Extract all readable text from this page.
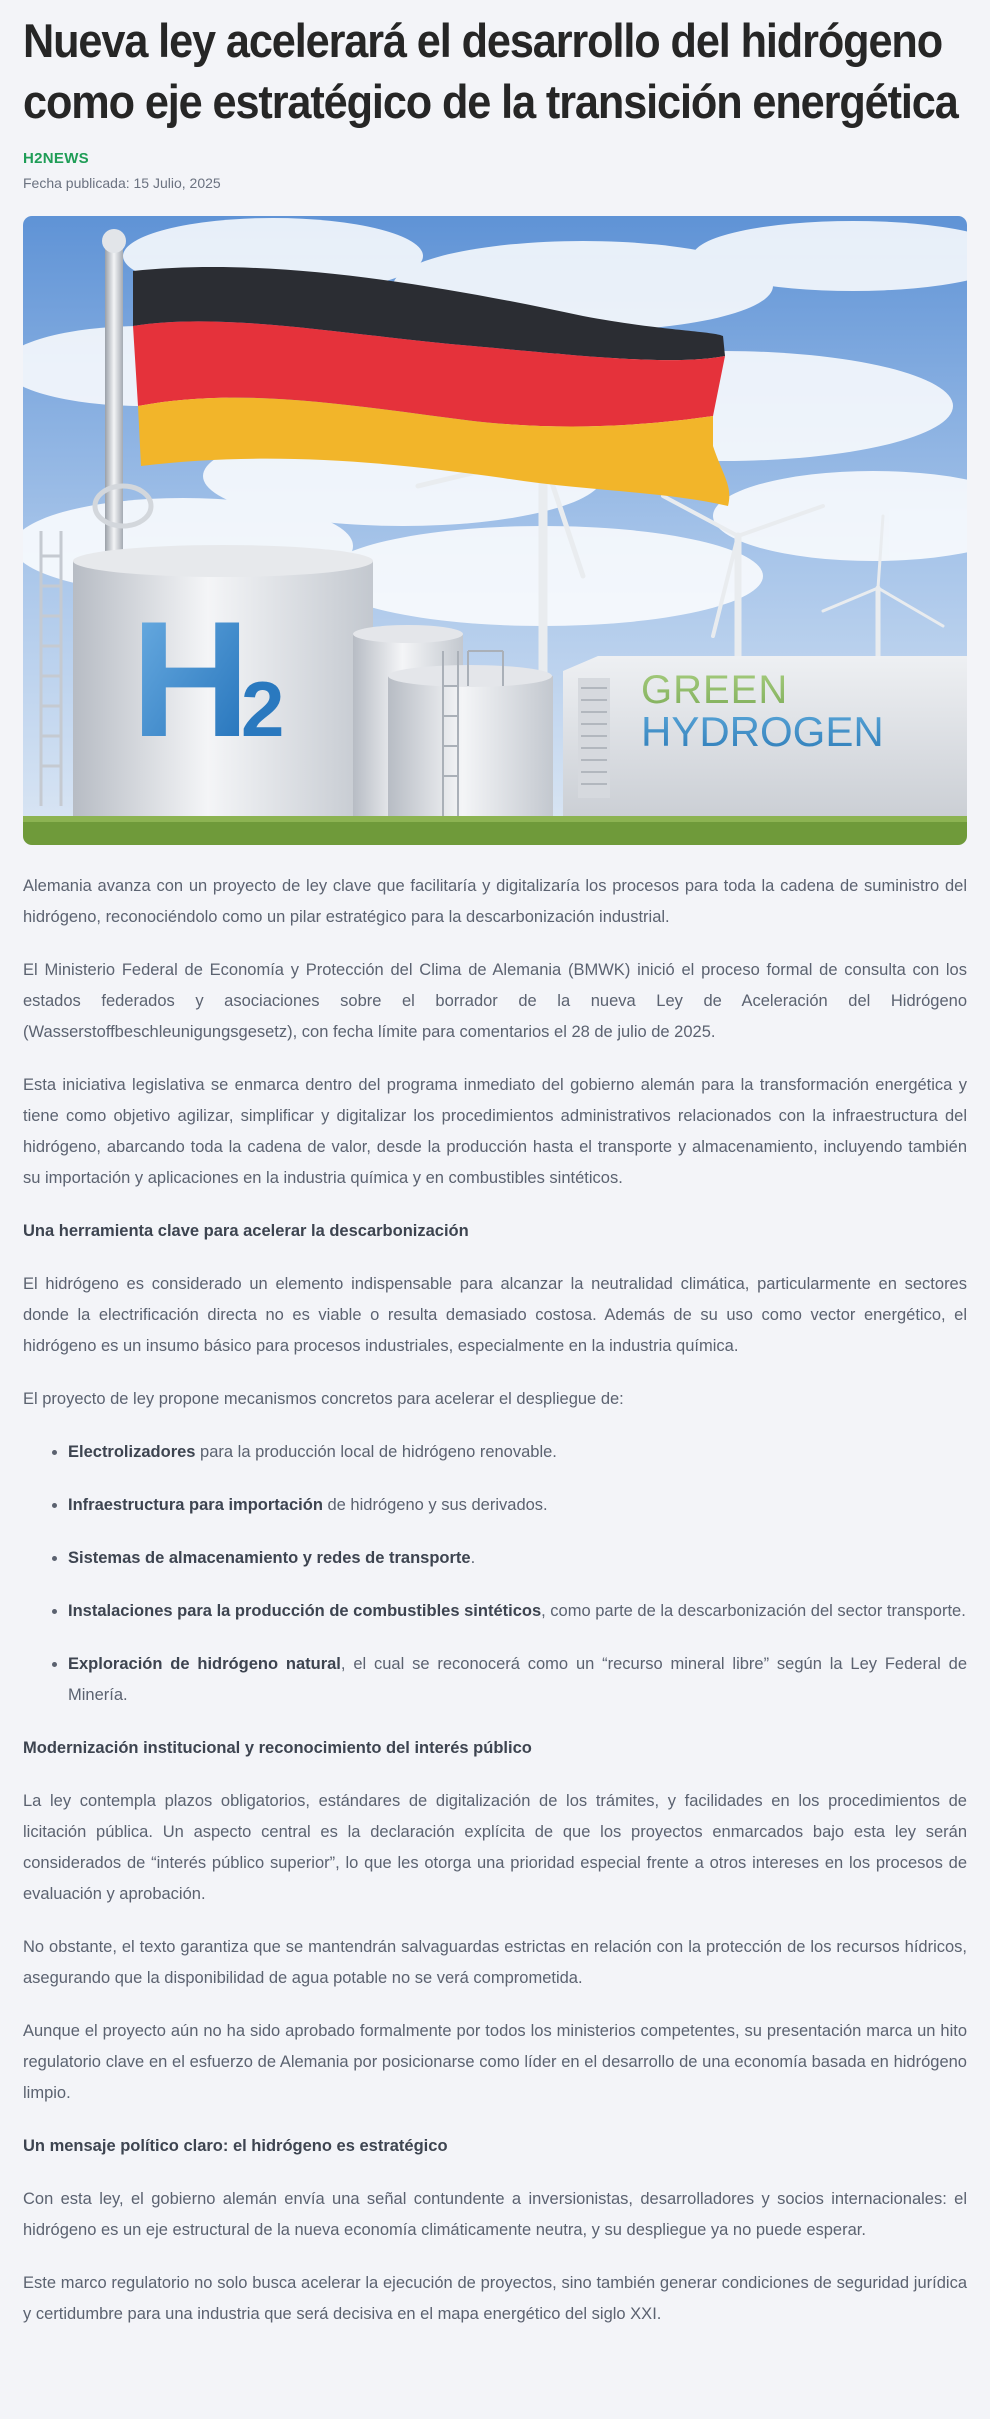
Nueva ley acelerará el desarrollo del hidrógeno como eje estratégico de la transición energética
H2NEWS
Fecha publicada: 15 Julio, 2025
H
2	GREEN
HYDROGEN

Alemania avanza con un proyecto de ley clave que facilitaría y digitalizaría los procesos para toda la cadena de suministro del hidrógeno, reconociéndolo como un pilar estratégico para la descarbonización industrial.

El Ministerio Federal de Economía y Protección del Clima de Alemania (BMWK) inició el proceso formal de consulta con los estados federados y asociaciones sobre el borrador de la nueva Ley de Aceleración del Hidrógeno (Wasserstoffbeschleunigungsgesetz), con fecha límite para comentarios el 28 de julio de 2025.

Esta iniciativa legislativa se enmarca dentro del programa inmediato del gobierno alemán para la transformación energética y tiene como objetivo agilizar, simplificar y digitalizar los procedimientos administrativos relacionados con la infraestructura del hidrógeno, abarcando toda la cadena de valor, desde la producción hasta el transporte y almacenamiento, incluyendo también su importación y aplicaciones en la industria química y en combustibles sintéticos.

Una herramienta clave para acelerar la descarbonización

El hidrógeno es considerado un elemento indispensable para alcanzar la neutralidad climática, particularmente en sectores donde la electrificación directa no es viable o resulta demasiado costosa. Además de su uso como vector energético, el hidrógeno es un insumo básico para procesos industriales, especialmente en la industria química.

El proyecto de ley propone mecanismos concretos para acelerar el despliegue de:

• Electrolizadores para la producción local de hidrógeno renovable.
• Infraestructura para importación de hidrógeno y sus derivados.
• Sistemas de almacenamiento y redes de transporte.
• Instalaciones para la producción de combustibles sintéticos, como parte de la descarbonización del sector transporte.
• Exploración de hidrógeno natural, el cual se reconocerá como un “recurso mineral libre” según la Ley Federal de Minería.
Modernización institucional y reconocimiento del interés público

La ley contempla plazos obligatorios, estándares de digitalización de los trámites, y facilidades en los procedimientos de licitación pública. Un aspecto central es la declaración explícita de que los proyectos enmarcados bajo esta ley serán considerados de “interés público superior”, lo que les otorga una prioridad especial frente a otros intereses en los procesos de evaluación y aprobación.

No obstante, el texto garantiza que se mantendrán salvaguardas estrictas en relación con la protección de los recursos hídricos, asegurando que la disponibilidad de agua potable no se verá comprometida.

Aunque el proyecto aún no ha sido aprobado formalmente por todos los ministerios competentes, su presentación marca un hito regulatorio clave en el esfuerzo de Alemania por posicionarse como líder en el desarrollo de una economía basada en hidrógeno limpio.

Un mensaje político claro: el hidrógeno es estratégico

Con esta ley, el gobierno alemán envía una señal contundente a inversionistas, desarrolladores y socios internacionales: el hidrógeno es un eje estructural de la nueva economía climáticamente neutra, y su despliegue ya no puede esperar.

Este marco regulatorio no solo busca acelerar la ejecución de proyectos, sino también generar condiciones de seguridad jurídica y certidumbre para una industria que será decisiva en el mapa energético del siglo XXI.
